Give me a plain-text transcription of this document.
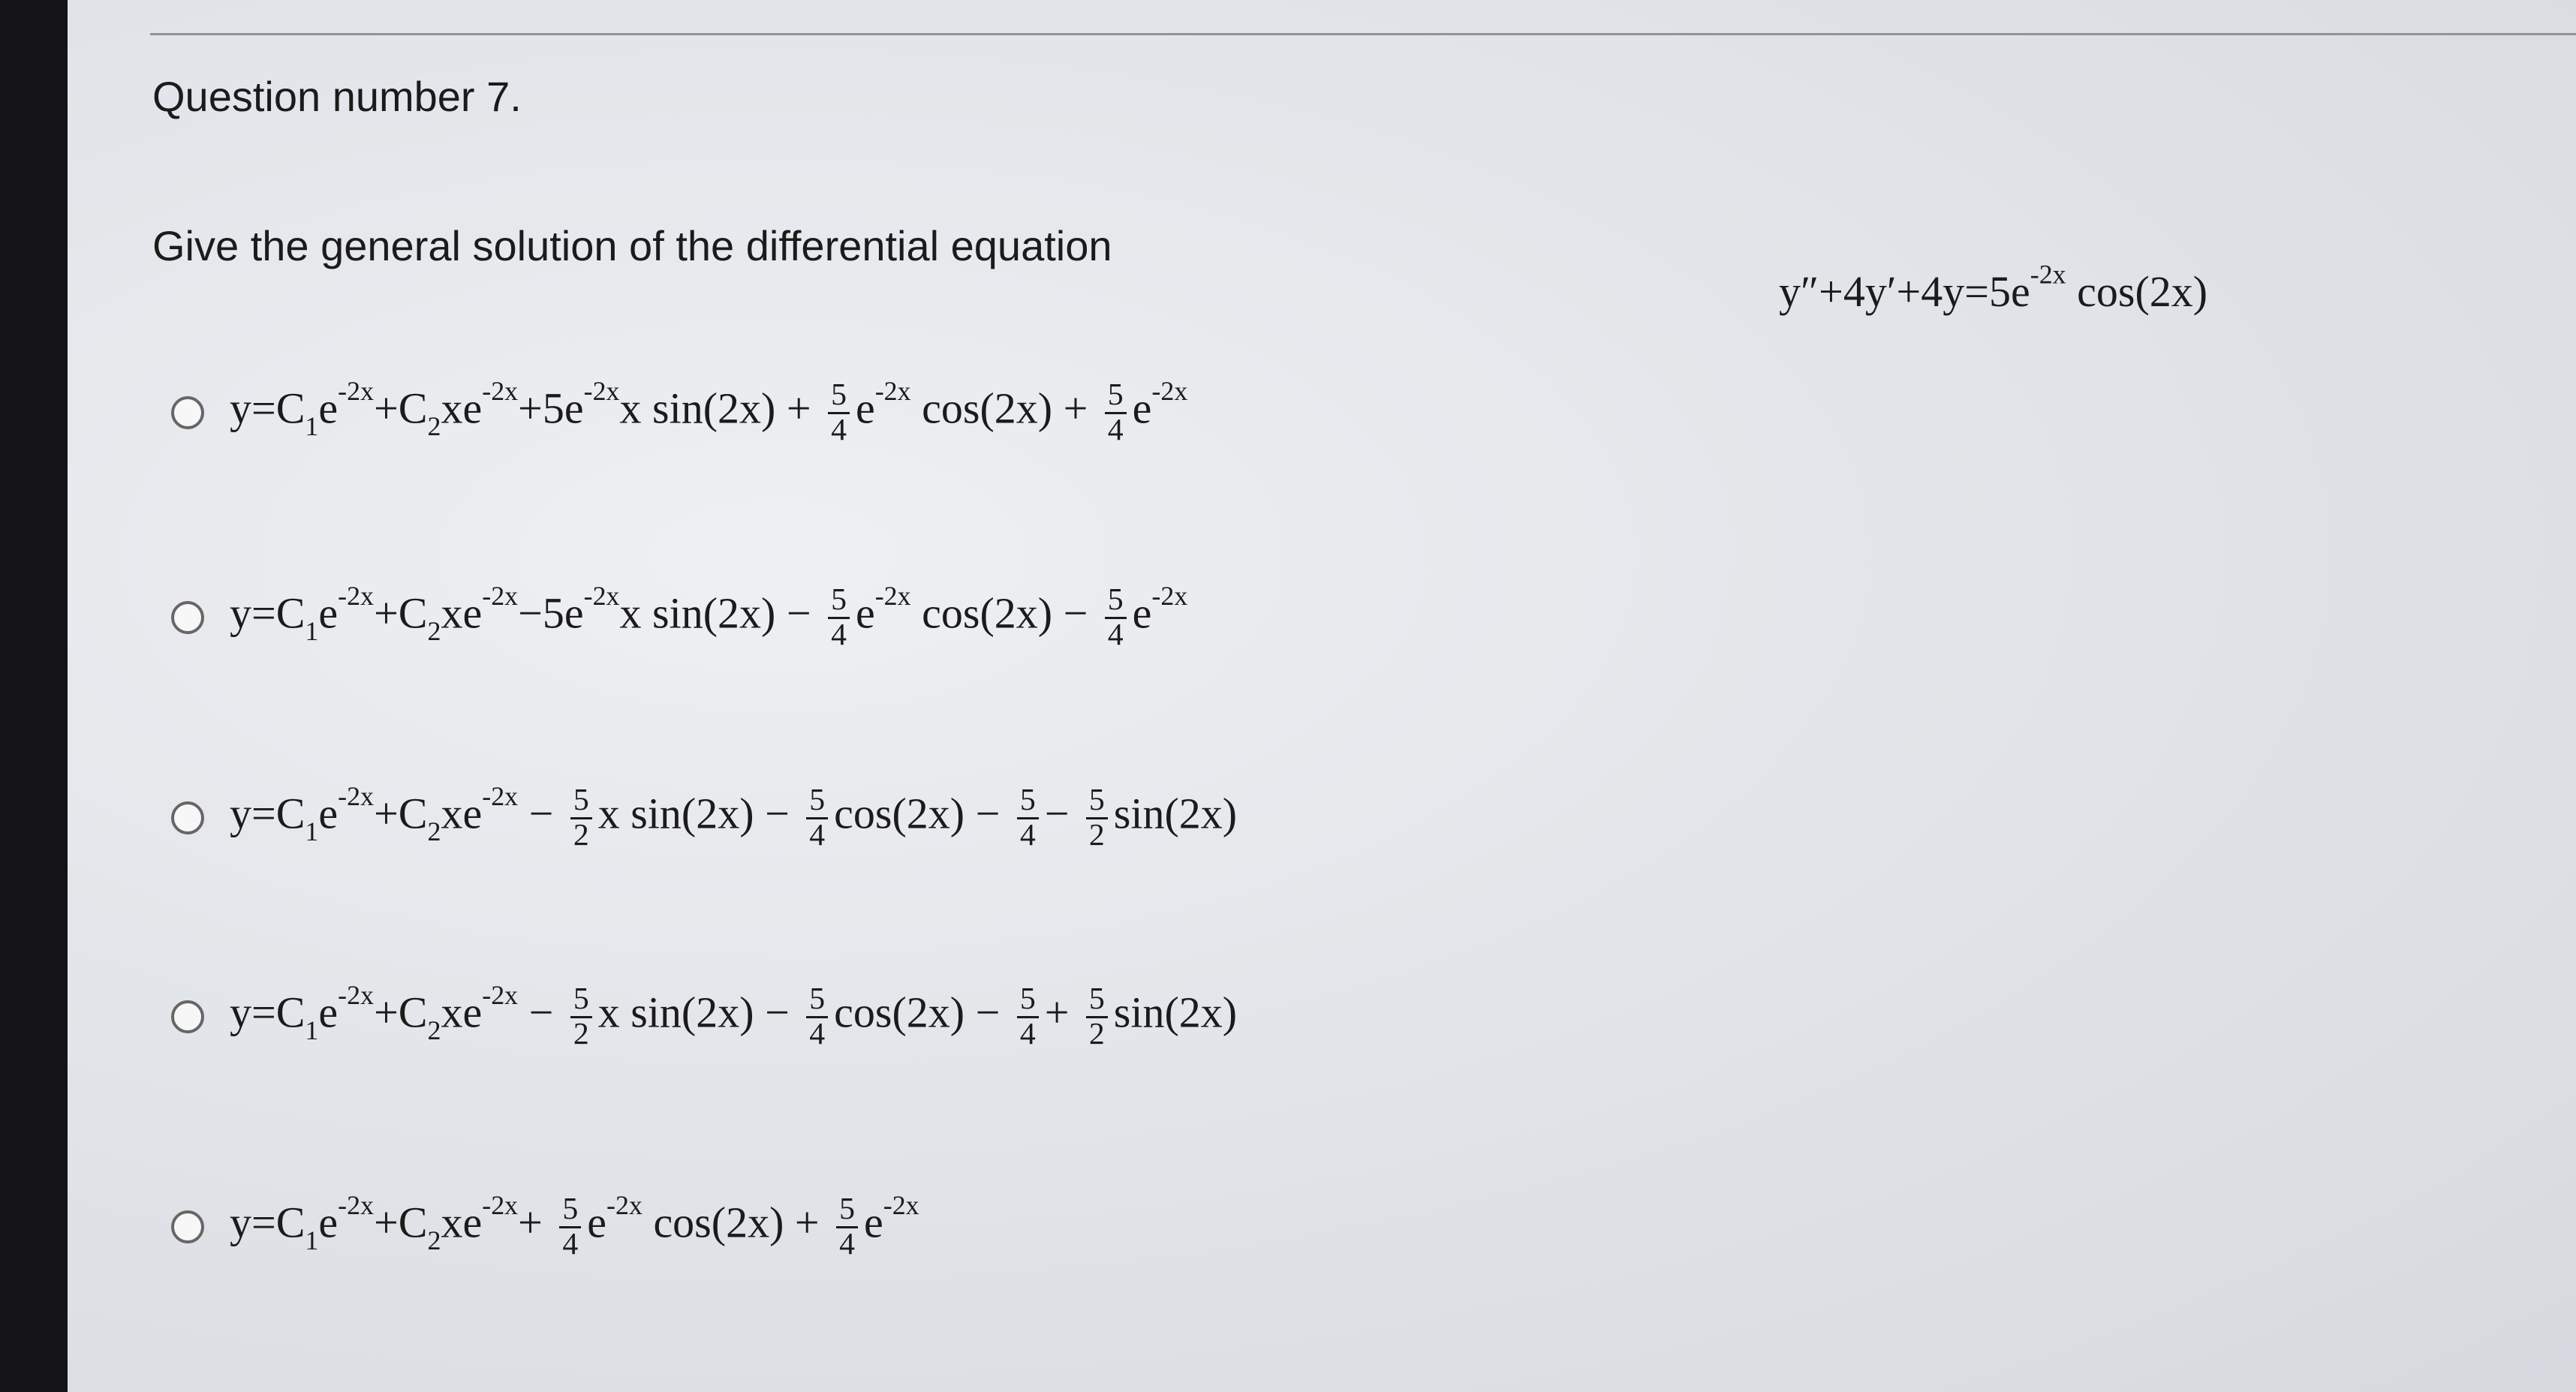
Question number 7.
Give the general solution of the differential equation
$y''+4y'+4y=5e^{-2x}$ cos(2x)
$y=C_1e^{-2x}+C_2xe^{-2x}+5e^{-2x}x$ $\sin(2x) + \frac{5}{4} e^{-2x}$ $\cos(2x) + \frac{5}{4} e^{-2x}$
$y=C_1e^{-2x}+C_2xe^{-2x}-5e^{-2x}x$ $\sin(2x) - \frac{5}{4} e^{-2x}$ $\cos(2x) - \frac{5}{4} e^{-2x}$
$y=C_1e^{-2x}+C_2xe^{-2x} - \frac{5}{2}$ x $\sin(2x) - \frac{5}{4} \cos(2x) - \frac{5}{4} - \frac{5}{2} \sin(2x)$
$y=C_1e^{-2x}+C_2xe^{-2x} - \frac{5}{2}$ x $\sin(2x) - \frac{5}{4} \cos(2x) - \frac{5}{4} + \frac{5}{2} \sin(2x)$
$y=C_1e^{-2x}+C_2xe^{-2x}+ \frac{5}{4} e^{-2x}$ $\cos(2x) + \frac{5}{4} e^{-2x}$
